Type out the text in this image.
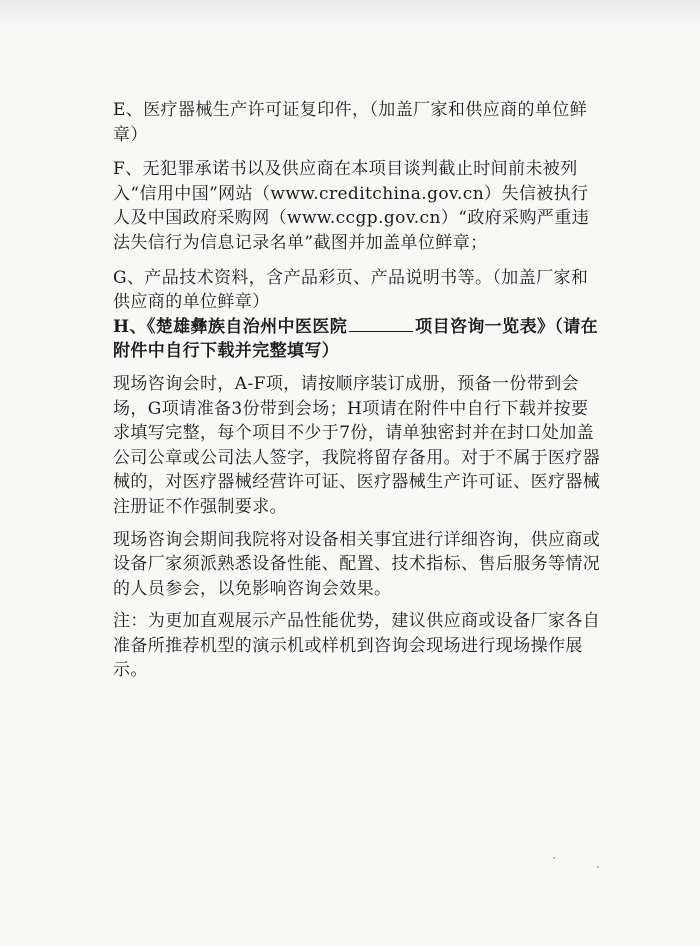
E、医疗器械生产许可证复印件，（加盖厂家和供应商的单位鲜章）

F、无犯罪承诺书以及供应商在本项目谈判截止时间前未被列入“信用中国”网站（www.creditchina.gov.cn）失信被执行人及中国政府采购网（www.ccgp.gov.cn）“政府采购严重违法失信行为信息记录名单”截图并加盖单位鲜章；

G、产品技术资料，含产品彩页、产品说明书等。（加盖厂家和供应商的单位鲜章）

H、《楚雄彝族自治州中医医院	项目咨询一览表》（请在附件中自行下载并完整填写）

现场咨询会时，A-F项，请按顺序装订成册，预备一份带到会场，G项请准备3份带到会场；H项请在附件中自行下载并按要求填写完整，每个项目不少于7份，请单独密封并在封口处加盖公司公章或公司法人签字，我院将留存备用。对于不属于医疗器械的，对医疗器械经营许可证、医疗器械生产许可证、医疗器械注册证不作强制要求。

现场咨询会期间我院将对设备相关事宜进行详细咨询，供应商或设备厂家须派熟悉设备性能、配置、技术指标、售后服务等情况的人员参会，以免影响咨询会效果。

注：为更加直观展示产品性能优势，建议供应商或设备厂家各自准备所推荐机型的演示机或样机到咨询会现场进行现场操作展示。
